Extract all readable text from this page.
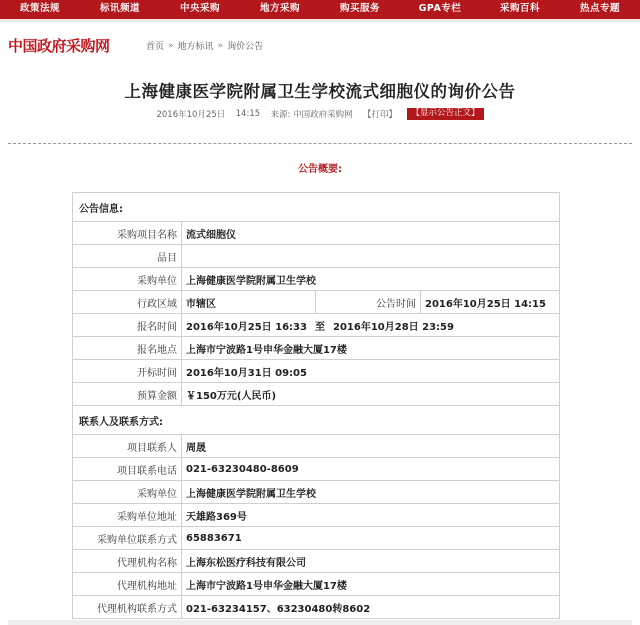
政策法规	标讯频道	中央采购	地方采购	购买服务	GPA专栏	采购百科	热点专题
中国政府采购网	首页 » 地方标讯 » 询价公告
上海健康医学院附属卫生学校流式细胞仪的询价公告
2016年10月25日 14:15 来源: 中国政府采购网 【打印】 【显示公告正文】
公告概要:
公告信息:			
采购项目名称	流式细胞仪		
品目			
采购单位	上海健康医学院附属卫生学校		
行政区域	市辖区	公告时间	2016年10月25日 14:15
报名时间	2016年10月25日 16:33 至 2016年10月28日 23:59		
报名地点	上海市宁波路1号申华金融大厦17楼		
开标时间	2016年10月31日 09:05		
预算金额	￥150万元(人民币)		
联系人及联系方式:			
项目联系人	周晟		
项目联系电话	021-63230480-8609		
采购单位	上海健康医学院附属卫生学校		
采购单位地址	天雄路369号		
采购单位联系方式	65883671		
代理机构名称	上海东松医疗科技有限公司		
代理机构地址	上海市宁波路1号申华金融大厦17楼		
代理机构联系方式	021-63234157、63230480转8602		
